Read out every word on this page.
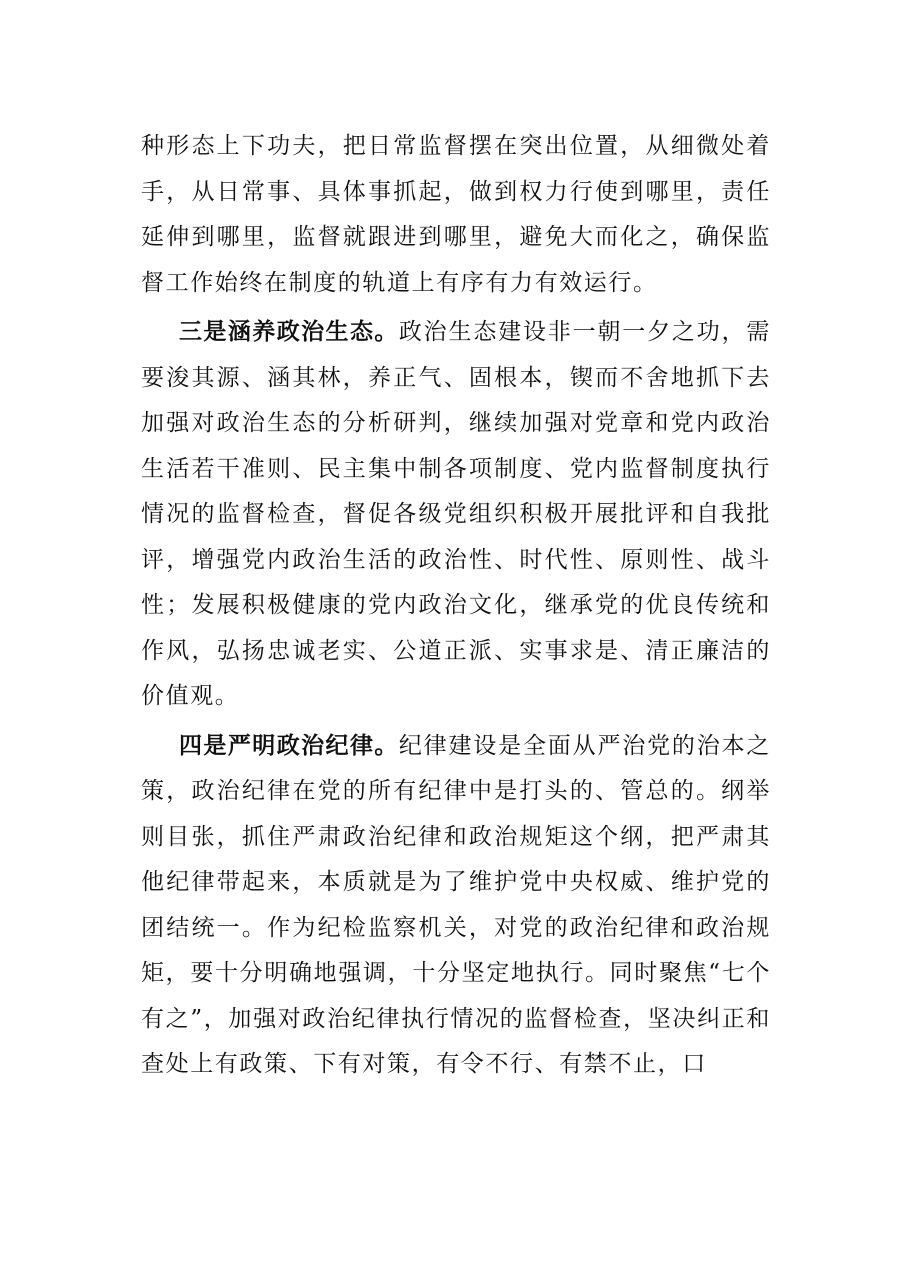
种形态上下功夫，把日常监督摆在突出位置，从细微处着手，从日常事、具体事抓起，做到权力行使到哪里，责任延伸到哪里，监督就跟进到哪里，避免大而化之，确保监督工作始终在制度的轨道上有序有力有效运行。

三是涵养政治生态。政治生态建设非一朝一夕之功，需要浚其源、涵其林，养正气、固根本，锲而不舍地抓下去加强对政治生态的分析研判，继续加强对党章和党内政治生活若干准则、民主集中制各项制度、党内监督制度执行情况的监督检查，督促各级党组织积极开展批评和自我批评，增强党内政治生活的政治性、时代性、原则性、战斗性；发展积极健康的党内政治文化，继承党的优良传统和作风，弘扬忠诚老实、公道正派、实事求是、清正廉洁的价值观。

四是严明政治纪律。纪律建设是全面从严治党的治本之策，政治纪律在党的所有纪律中是打头的、管总的。纲举则目张，抓住严肃政治纪律和政治规矩这个纲，把严肃其他纪律带起来，本质就是为了维护党中央权威、维护党的团结统一。作为纪检监察机关，对党的政治纪律和政治规矩，要十分明确地强调，十分坚定地执行。同时聚焦“七个有之”，加强对政治纪律执行情况的监督检查，坚决纠正和查处上有政策、下有对策，有令不行、有禁不止，口
